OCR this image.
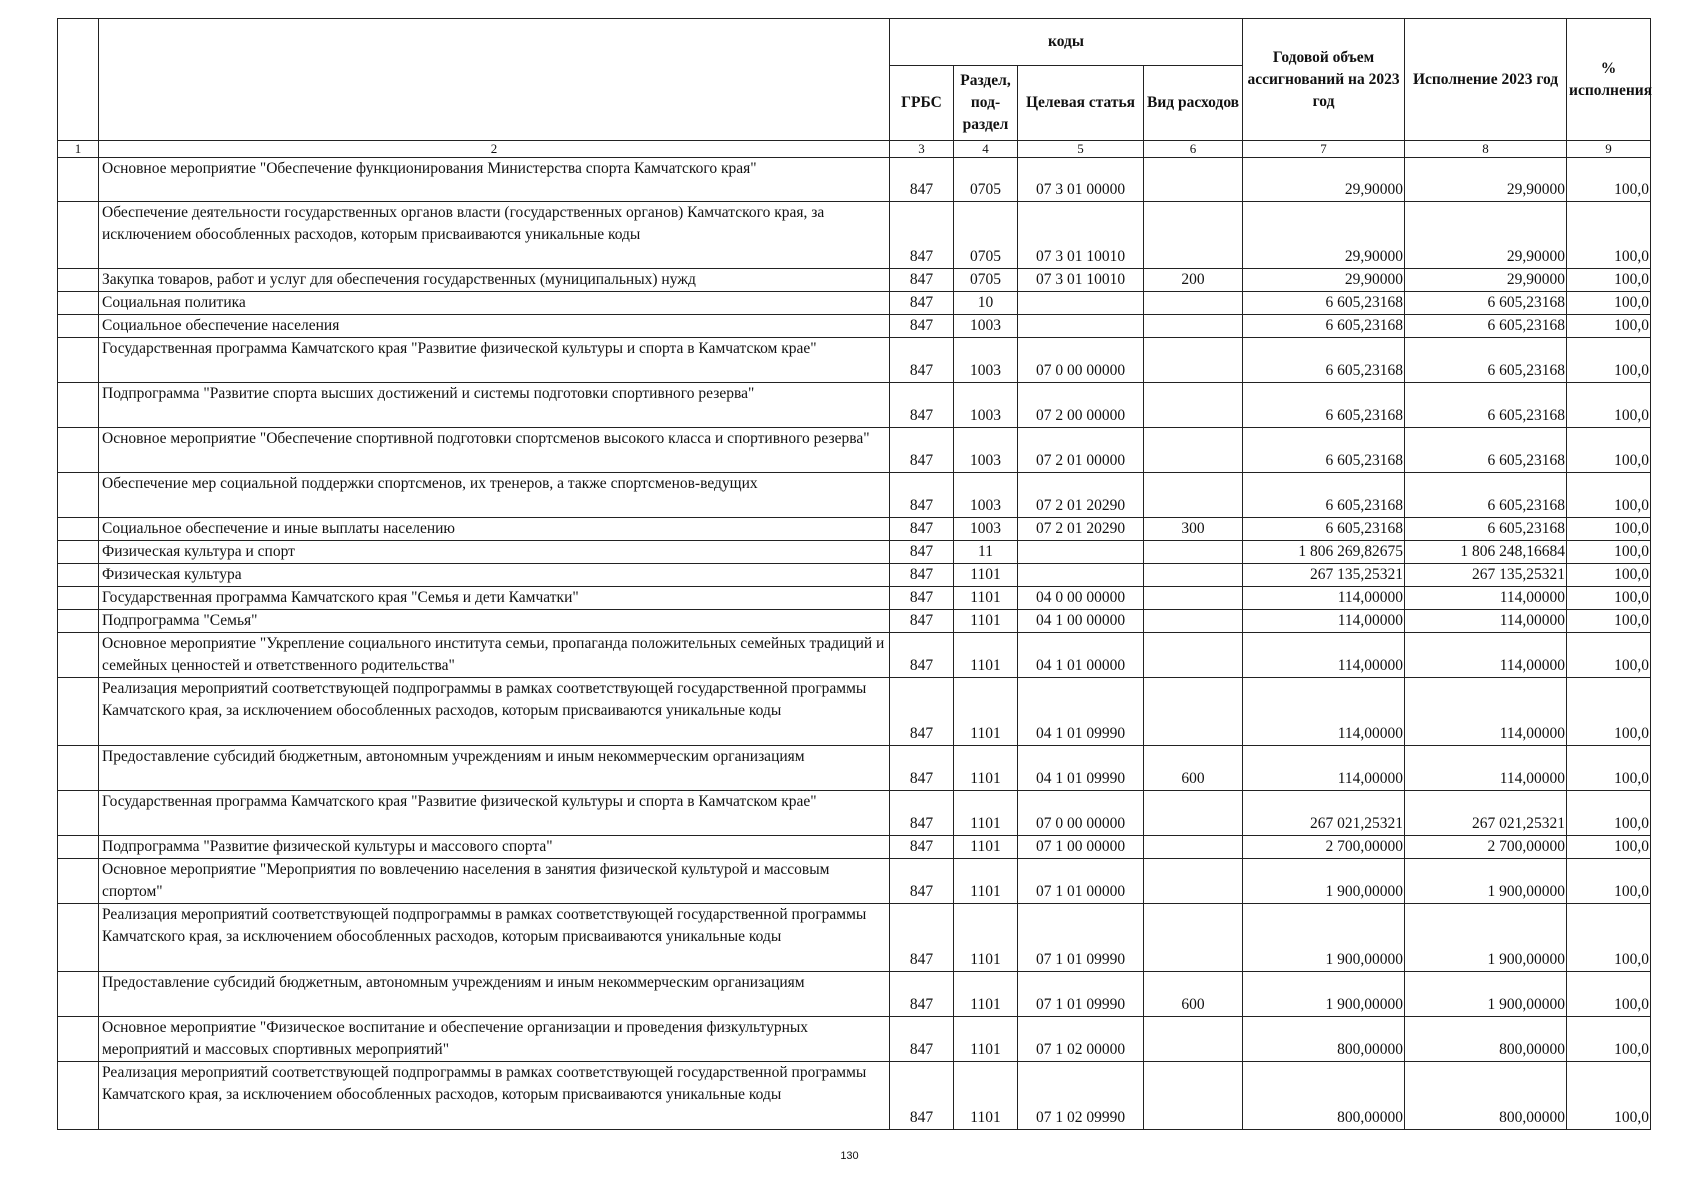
		коды				Годовой объем ассигнований на 2023 год	Исполнение 2023 год	% исполнения
		ГРБС	Раздел, под-раздел	Целевая статья	Вид расходов			
1	2	3	4	5	6	7	8	9
	Основное мероприятие "Обеспечение функционирования Министерства спорта Камчатского края"	847	0705	07 3 01 00000		29,90000	29,90000	100,0
	Обеспечение деятельности государственных органов власти (государственных органов) Камчатского края, за исключением обособленных расходов, которым присваиваются уникальные коды	847	0705	07 3 01 10010		29,90000	29,90000	100,0
	Закупка товаров, работ и услуг для обеспечения государственных (муниципальных) нужд	847	0705	07 3 01 10010	200	29,90000	29,90000	100,0
	Социальная политика	847	10			6 605,23168	6 605,23168	100,0
	Социальное обеспечение населения	847	1003			6 605,23168	6 605,23168	100,0
	Государственная программа Камчатского края "Развитие физической культуры и спорта в Камчатском крае"	847	1003	07 0 00 00000		6 605,23168	6 605,23168	100,0
	Подпрограмма "Развитие спорта высших достижений и системы подготовки спортивного резерва"	847	1003	07 2 00 00000		6 605,23168	6 605,23168	100,0
	Основное мероприятие "Обеспечение спортивной подготовки спортсменов высокого класса и спортивного резерва"	847	1003	07 2 01 00000		6 605,23168	6 605,23168	100,0
	Обеспечение мер социальной поддержки спортсменов, их тренеров, а также спортсменов-ведущих	847	1003	07 2 01 20290		6 605,23168	6 605,23168	100,0
	Социальное обеспечение и иные выплаты населению	847	1003	07 2 01 20290	300	6 605,23168	6 605,23168	100,0
	Физическая культура и спорт	847	11			1 806 269,82675	1 806 248,16684	100,0
	Физическая культура	847	1101			267 135,25321	267 135,25321	100,0
	Государственная программа Камчатского края "Семья и дети Камчатки"	847	1101	04 0 00 00000		114,00000	114,00000	100,0
	Подпрограмма "Семья"	847	1101	04 1 00 00000		114,00000	114,00000	100,0
	Основное мероприятие "Укрепление социального института семьи, пропаганда положительных семейных традиций и семейных ценностей и ответственного родительства"	847	1101	04 1 01 00000		114,00000	114,00000	100,0
	Реализация мероприятий соответствующей подпрограммы в рамках соответствующей государственной программы Камчатского края, за исключением обособленных расходов, которым присваиваются уникальные коды	847	1101	04 1 01 09990		114,00000	114,00000	100,0
	Предоставление субсидий бюджетным, автономным учреждениям и иным некоммерческим организациям	847	1101	04 1 01 09990	600	114,00000	114,00000	100,0
	Государственная программа Камчатского края "Развитие физической культуры и спорта в Камчатском крае"	847	1101	07 0 00 00000		267 021,25321	267 021,25321	100,0
	Подпрограмма "Развитие физической культуры и массового спорта"	847	1101	07 1 00 00000		2 700,00000	2 700,00000	100,0
	Основное мероприятие "Мероприятия по вовлечению населения в занятия физической культурой и массовым спортом"	847	1101	07 1 01 00000		1 900,00000	1 900,00000	100,0
	Реализация мероприятий соответствующей подпрограммы в рамках соответствующей государственной программы Камчатского края, за исключением обособленных расходов, которым присваиваются уникальные коды	847	1101	07 1 01 09990		1 900,00000	1 900,00000	100,0
	Предоставление субсидий бюджетным, автономным учреждениям и иным некоммерческим организациям	847	1101	07 1 01 09990	600	1 900,00000	1 900,00000	100,0
	Основное мероприятие "Физическое воспитание и обеспечение организации и проведения физкультурных мероприятий и массовых спортивных мероприятий"	847	1101	07 1 02 00000		800,00000	800,00000	100,0
	Реализация мероприятий соответствующей подпрограммы в рамках соответствующей государственной программы Камчатского края, за исключением обособленных расходов, которым присваиваются уникальные коды	847	1101	07 1 02 09990		800,00000	800,00000	100,0
130
